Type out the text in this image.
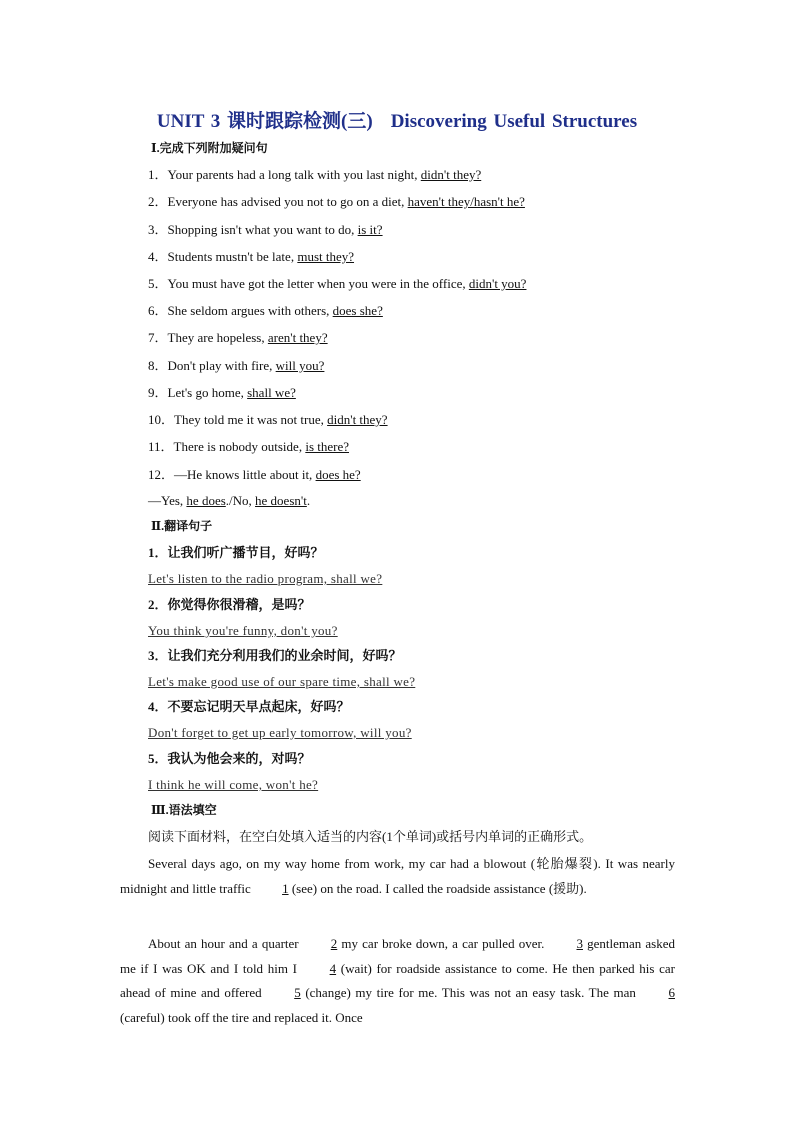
UNIT 3 课时跟踪检测(三) Discovering Useful Structures
Ⅰ.完成下列附加疑问句
1．Your parents had a long talk with you last night, didn't they?
2．Everyone has advised you not to go on a diet, haven't they/hasn't he?
3．Shopping isn't what you want to do, is it?
4．Students mustn't be late, must they?
5．You must have got the letter when you were in the office, didn't you?
6．She seldom argues with others, does she?
7．They are hopeless, aren't they?
8．Don't play with fire, will you?
9．Let's go home, shall we?
10．They told me it was not true, didn't they?
11．There is nobody outside, is there?
12．—He knows little about it, does he?
—Yes, he does./No, he doesn't.
Ⅱ.翻译句子
1．让我们听广播节目，好吗？
Let's listen to the radio program, shall we?
2．你觉得你很滑稽，是吗？
You think you're funny, don't you?
3．让我们充分利用我们的业余时间，好吗？
Let's make good use of our spare time, shall we?
4．不要忘记明天早点起床，好吗？
Don't forget to get up early tomorrow, will you?
5．我认为他会来的，对吗？
I think he will come, won't he?
Ⅲ.语法填空
阅读下面材料，在空白处填入适当的内容(1个单词)或括号内单词的正确形式。
Several days ago, on my way home from work, my car had a blowout (轮胎爆裂). It was nearly midnight and little traffic 1 (see) on the road. I called the roadside assistance (援助).
About an hour and a quarter 2 my car broke down, a car pulled over. 3 gentleman asked me if I was OK and I told him I 4 (wait) for roadside assistance to come. He then parked his car ahead of mine and offered 5 (change) my tire for me. This was not an easy task. The man 6 (careful) took off the tire and replaced it. Once
